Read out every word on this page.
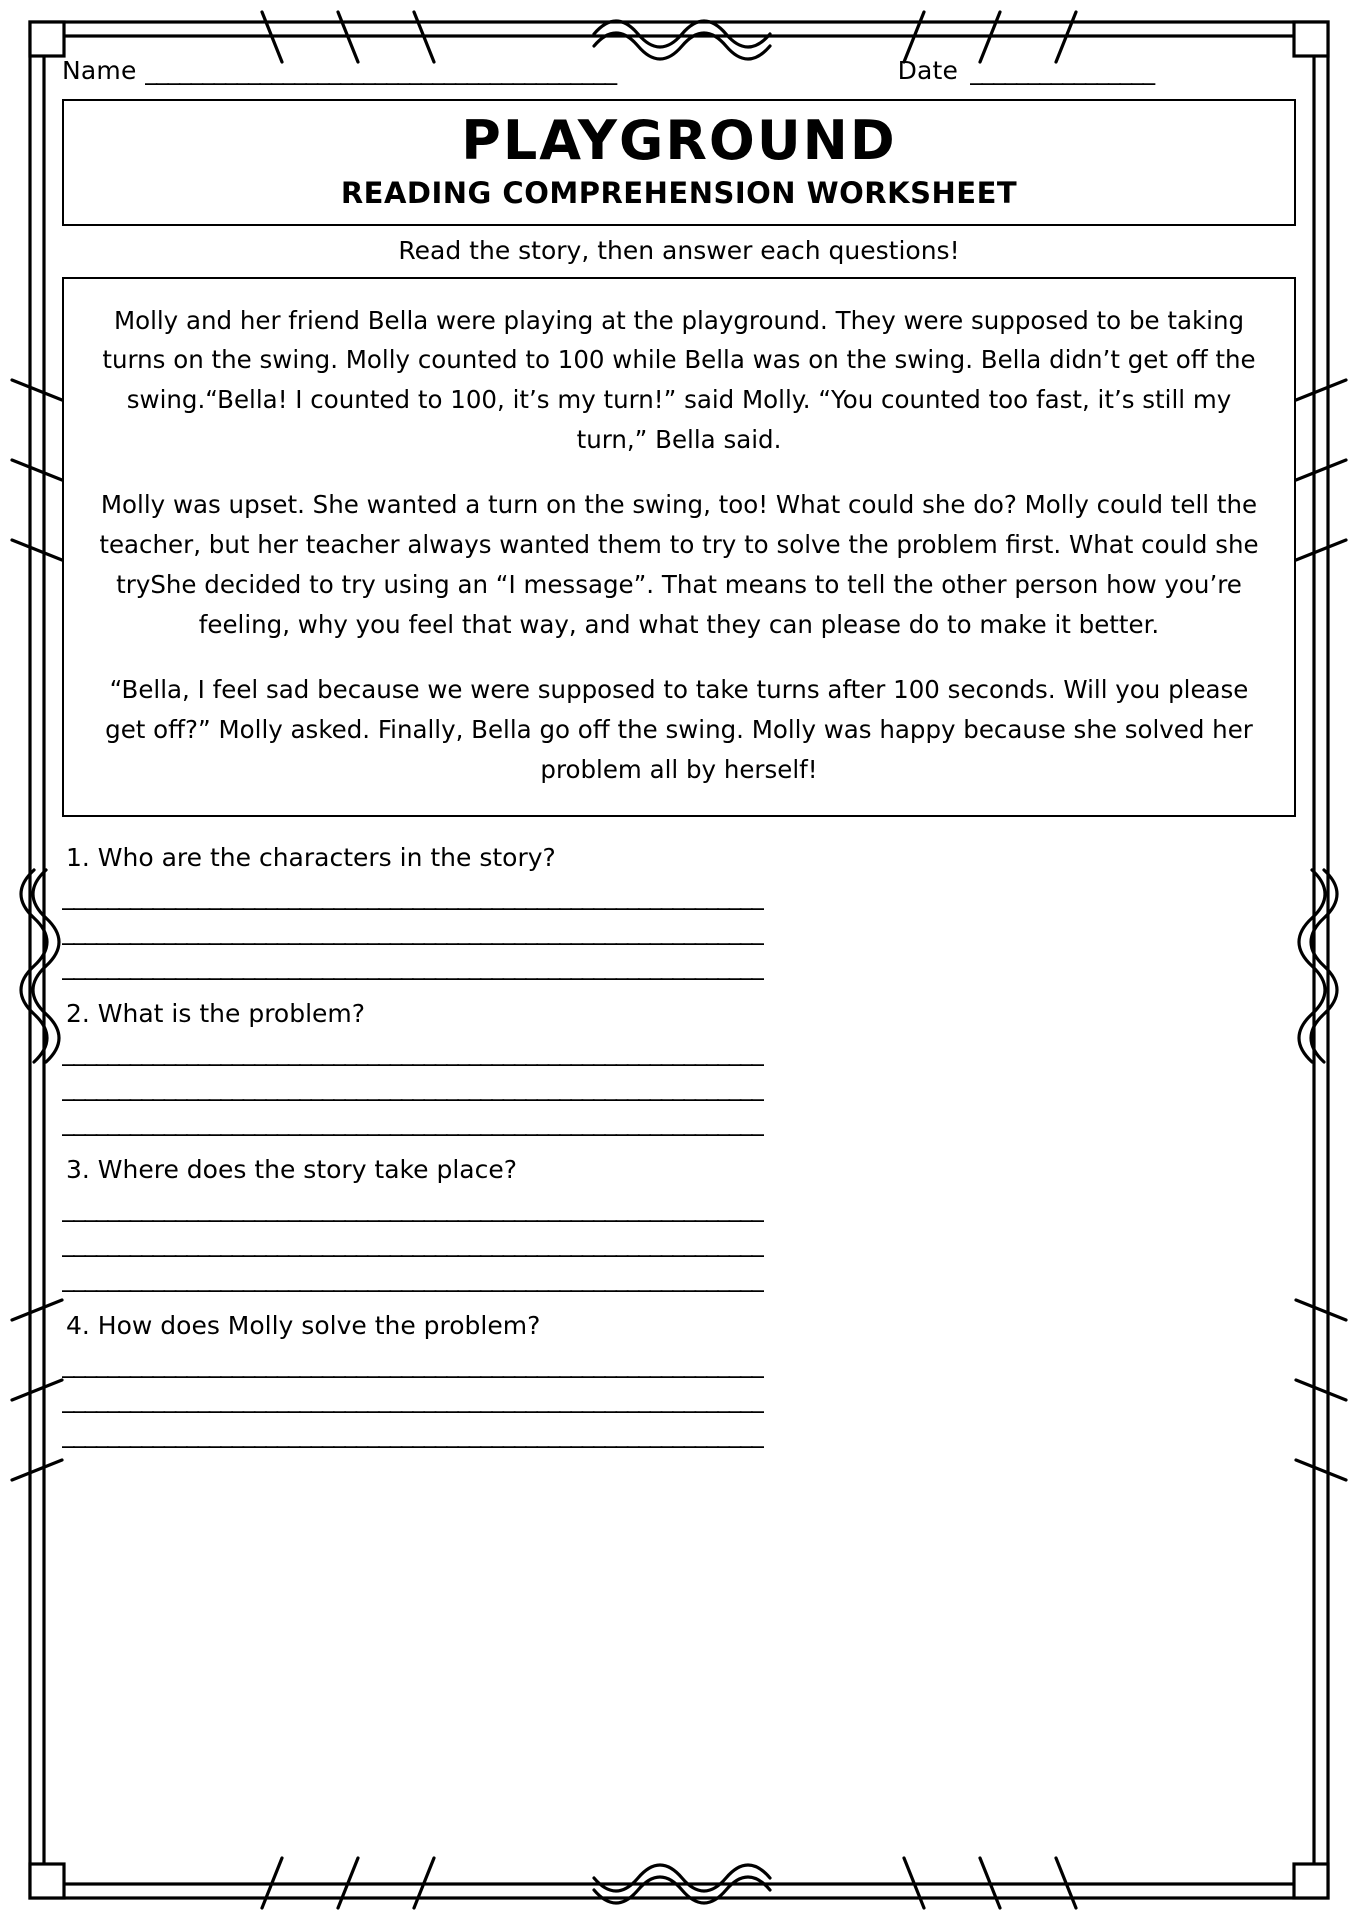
Name _________________________________________	Date ________________
PLAYGROUND
READING COMPREHENSION WORKSHEET
Read the story, then answer each questions!

Molly and her friend Bella were playing at the playground. They were supposed to be taking turns on the swing. Molly counted to 100 while Bella was on the swing. Bella didn’t get off the swing.“Bella! I counted to 100, it’s my turn!” said Molly. “You counted too fast, it’s still my turn,” Bella said.

Molly was upset. She wanted a turn on the swing, too! What could she do? Molly could tell the teacher, but her teacher always wanted them to try to solve the problem first. What could she tryShe decided to try using an “I message”. That means to tell the other person how you’re feeling, why you feel that way, and what they can please do to make it better.

“Bella, I feel sad because we were supposed to take turns after 100 seconds. Will you please get off?” Molly asked. Finally, Bella go off the swing. Molly was happy because she solved her problem all by herself!

1. Who are the characters in the story?

______________________________________________________________
______________________________________________________________
______________________________________________________________

2. What is the problem?

______________________________________________________________
______________________________________________________________
______________________________________________________________

3. Where does the story take place?

______________________________________________________________
______________________________________________________________
______________________________________________________________

4. How does Molly solve the problem?

______________________________________________________________
______________________________________________________________
______________________________________________________________
